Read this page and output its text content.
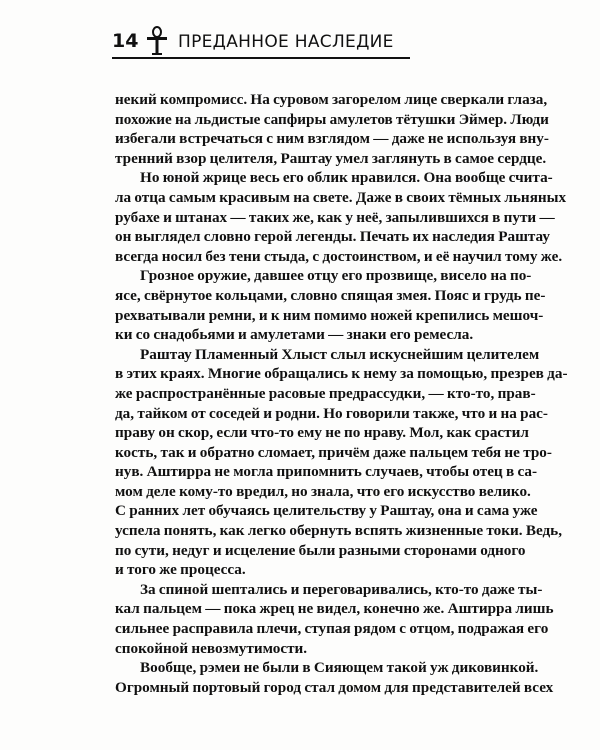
14 ПРЕДАННОЕ НАСЛЕДИЕ
некий компромисс. На суровом загорелом лице сверкали глаза,
похожие на льдистые сапфиры амулетов тётушки Эймер. Люди
избегали встречаться с ним взглядом — даже не используя вну-
тренний взор целителя, Раштау умел заглянуть в самое сердце.
Но юной жрице весь его облик нравился. Она вообще счита-
ла отца самым красивым на свете. Даже в своих тёмных льняных
рубахе и штанах — таких же, как у неё, запылившихся в пути —
он выглядел словно герой легенды. Печать их наследия Раштау
всегда носил без тени стыда, с достоинством, и её научил тому же.
Грозное оружие, давшее отцу его прозвище, висело на по-
ясе, свёрнутое кольцами, словно спящая змея. Пояс и грудь пе-
рехватывали ремни, и к ним помимо ножей крепились мешоч-
ки со снадобьями и амулетами — знаки его ремесла.
Раштау Пламенный Хлыст слыл искуснейшим целителем
в этих краях. Многие обращались к нему за помощью, презрев да-
же распространённые расовые предрассудки, — кто-то, прав-
да, тайком от соседей и родни. Но говорили также, что и на рас-
праву он скор, если что-то ему не по нраву. Мол, как срастил
кость, так и обратно сломает, причём даже пальцем тебя не тро-
нув. Аштирра не могла припомнить случаев, чтобы отец в са-
мом деле кому-то вредил, но знала, что его искусство велико.
С ранних лет обучаясь целительству у Раштау, она и сама уже
успела понять, как легко обернуть вспять жизненные токи. Ведь,
по сути, недуг и исцеление были разными сторонами одного
и того же процесса.
За спиной шептались и переговаривались, кто-то даже ты-
кал пальцем — пока жрец не видел, конечно же. Аштирра лишь
сильнее расправила плечи, ступая рядом с отцом, подражая его
спокойной невозмутимости.
Вообще, рэмеи не были в Сияющем такой уж диковинкой.
Огромный портовый город стал домом для представителей всех
